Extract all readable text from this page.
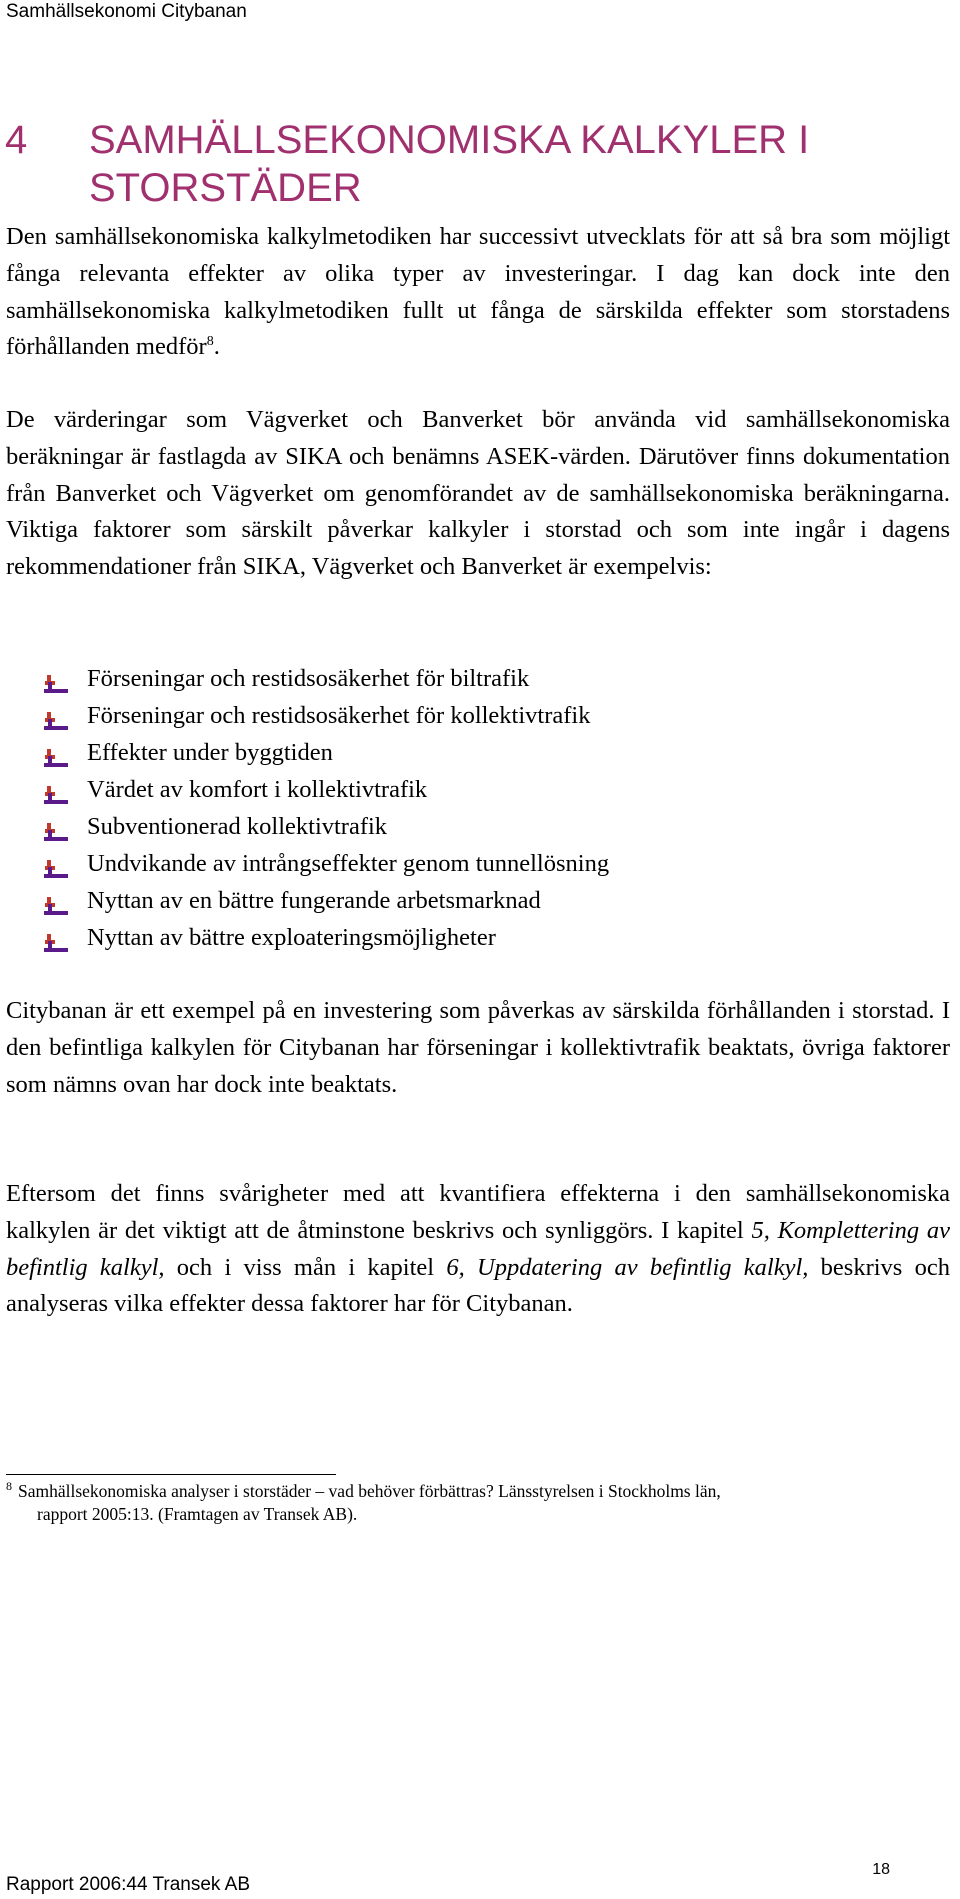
Samhällsekonomi Citybanan
4	SAMHÄLLSEKONOMISKA KALKYLER I STORSTÄDER

Den samhällsekonomiska kalkylmetodiken har successivt utvecklats för att så bra som möjligt fånga relevanta effekter av olika typer av investeringar. I dag kan dock inte den samhällsekonomiska kalkylmetodiken fullt ut fånga de särskilda effekter som storstadens förhållanden medför$^8$.

De värderingar som Vägverket och Banverket bör använda vid samhällsekonomiska beräkningar är fastlagda av SIKA och benämns ASEK-värden. Därutöver finns dokumentation från Banverket och Vägverket om genomförandet av de samhällsekonomiska beräkningarna. Viktiga faktorer som särskilt påverkar kalkyler i storstad och som inte ingår i dagens rekommendationer från SIKA, Vägverket och Banverket är exempelvis:

Förseningar och restidsosäkerhet för biltrafik
Förseningar och restidsosäkerhet för kollektivtrafik
Effekter under byggtiden
Värdet av komfort i kollektivtrafik
Subventionerad kollektivtrafik
Undvikande av intrångseffekter genom tunnellösning
Nyttan av en bättre fungerande arbetsmarknad
Nyttan av bättre exploateringsmöjligheter

Citybanan är ett exempel på en investering som påverkas av särskilda förhållanden i storstad. I den befintliga kalkylen för Citybanan har förseningar i kollektivtrafik beaktats, övriga faktorer som nämns ovan har dock inte beaktats.

Eftersom det finns svårigheter med att kvantifiera effekterna i den samhällsekonomiska kalkylen är det viktigt att de åtminstone beskrivs och synliggörs. I kapitel 5, Komplettering av befintlig kalkyl, och i viss mån i kapitel 6, Uppdatering av befintlig kalkyl, beskrivs och analyseras vilka effekter dessa faktorer har för Citybanan.

$^8$ Samhällsekonomiska analyser i storstäder – vad behöver förbättras? Länsstyrelsen i Stockholms län,
rapport 2005:13. (Framtagen av Transek AB).

18
Rapport 2006:44 Transek AB
